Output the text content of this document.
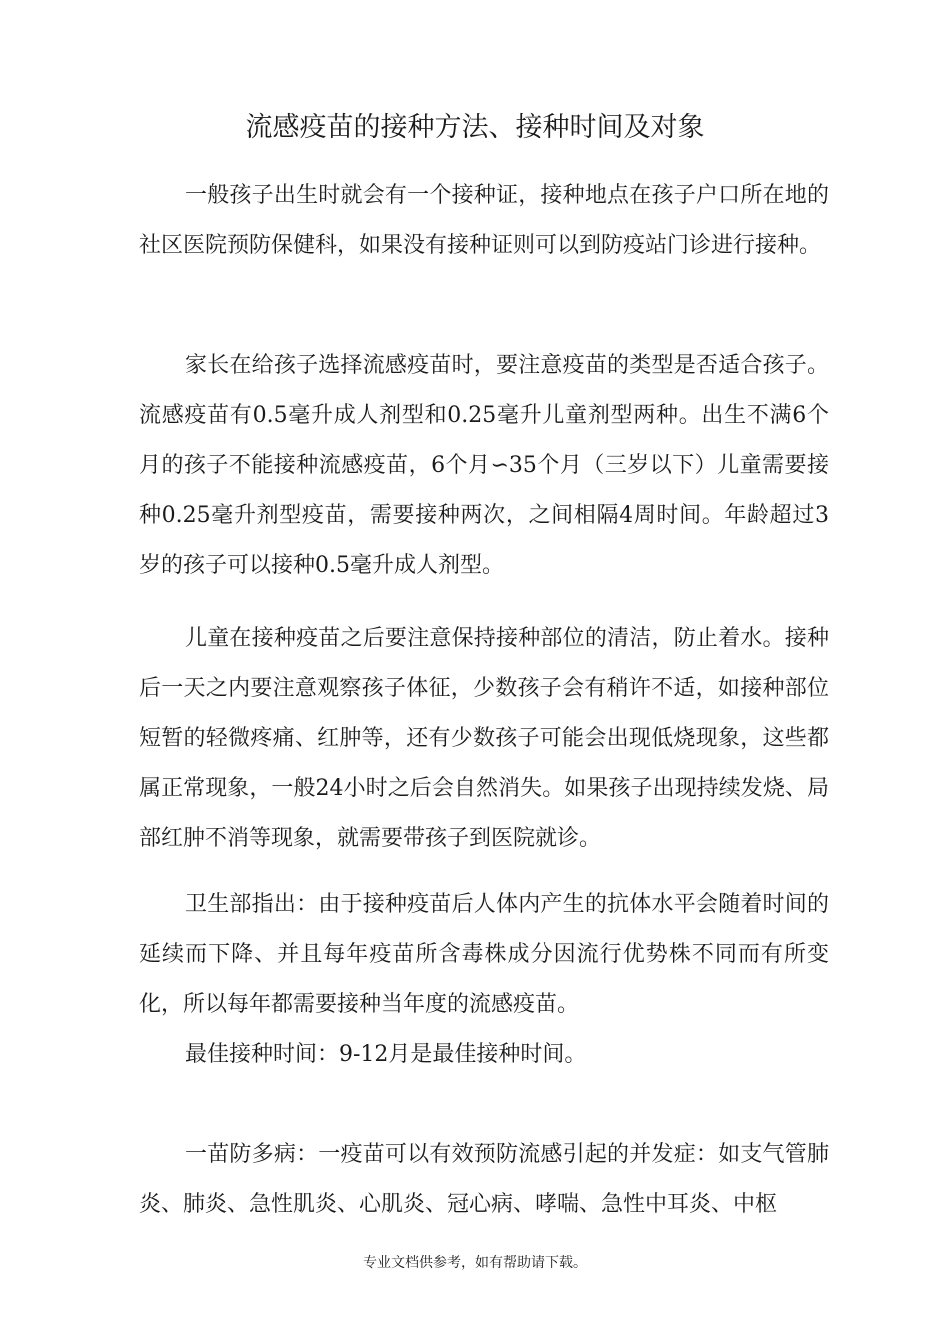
流感疫苗的接种方法、接种时间及对象

一般孩子出生时就会有一个接种证，接种地点在孩子户口所在地的社区医院预防保健科，如果没有接种证则可以到防疫站门诊进行接种。

家长在给孩子选择流感疫苗时，要注意疫苗的类型是否适合孩子。流感疫苗有0.5毫升成人剂型和0.25毫升儿童剂型两种。出生不满6个月的孩子不能接种流感疫苗，6个月∽35个月（三岁以下）儿童需要接种0.25毫升剂型疫苗，需要接种两次，之间相隔4周时间。年龄超过3岁的孩子可以接种0.5毫升成人剂型。

儿童在接种疫苗之后要注意保持接种部位的清洁，防止着水。接种后一天之内要注意观察孩子体征，少数孩子会有稍许不适，如接种部位短暂的轻微疼痛、红肿等，还有少数孩子可能会出现低烧现象，这些都属正常现象，一般24小时之后会自然消失。如果孩子出现持续发烧、局部红肿不消等现象，就需要带孩子到医院就诊。

卫生部指出：由于接种疫苗后人体内产生的抗体水平会随着时间的延续而下降、并且每年疫苗所含毒株成分因流行优势株不同而有所变化，所以每年都需要接种当年度的流感疫苗。

最佳接种时间：9-12月是最佳接种时间。

一苗防多病：一疫苗可以有效预防流感引起的并发症：如支气管肺炎、肺炎、急性肌炎、心肌炎、冠心病、哮喘、急性中耳炎、中枢

专业文档供参考，如有帮助请下载。
